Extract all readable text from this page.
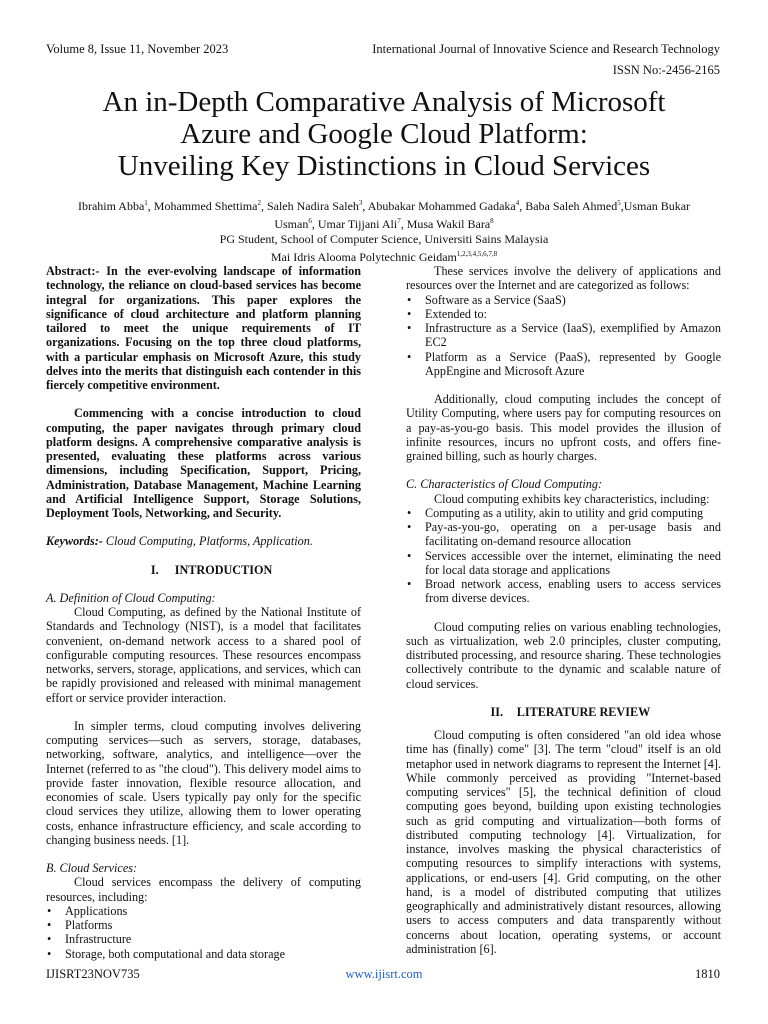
Volume 8, Issue 11, November 2023	International Journal of Innovative Science and Research Technology
ISSN No:-2456-2165
An in-Depth Comparative Analysis of Microsoft
Azure and Google Cloud Platform:
Unveiling Key Distinctions in Cloud Services
Ibrahim Abba$^1$, Mohammed Shettima$^2$, Saleh Nadira Saleh$^3$, Abubakar Mohammed Gadaka$^4$, Baba Saleh Ahmed$^5$,Usman Bukar
Usman$^6$, Umar Tijjani Ali$^7$, Musa Wakil Bara$^8$
PG Student, School of Computer Science, Universiti Sains Malaysia
Mai Idris Alooma Polytechnic Geidam$^{1,2,3,4,5,6,7,8}$

Abstract:- In the ever-evolving landscape of information technology, the reliance on cloud-based services has become integral for organizations. This paper explores the significance of cloud architecture and platform planning tailored to meet the unique requirements of IT organizations. Focusing on the top three cloud platforms, with a particular emphasis on Microsoft Azure, this study delves into the merits that distinguish each contender in this fiercely competitive environment.

Commencing with a concise introduction to cloud computing, the paper navigates through primary cloud platform designs. A comprehensive comparative analysis is presented, evaluating these platforms across various dimensions, including Specification, Support, Pricing, Administration, Database Management, Machine Learning and Artificial Intelligence Support, Storage Solutions, Deployment Tools, Networking, and Security.

Keywords:- Cloud Computing, Platforms, Application.

I. INTRODUCTION

A. Definition of Cloud Computing:

Cloud Computing, as defined by the National Institute of Standards and Technology (NIST), is a model that facilitates convenient, on-demand network access to a shared pool of configurable computing resources. These resources encompass networks, servers, storage, applications, and services, which can be rapidly provisioned and released with minimal management effort or service provider interaction.

In simpler terms, cloud computing involves delivering computing services—such as servers, storage, databases, networking, software, analytics, and intelligence—over the Internet (referred to as "the cloud"). This delivery model aims to provide faster innovation, flexible resource allocation, and economies of scale. Users typically pay only for the specific cloud services they utilize, allowing them to lower operating costs, enhance infrastructure efficiency, and scale according to changing business needs. [1].

B. Cloud Services:

Cloud services encompass the delivery of computing resources, including:

• Applications
• Platforms
• Infrastructure
• Storage, both computational and data storage

These services involve the delivery of applications and resources over the Internet and are categorized as follows:

• Software as a Service (SaaS)
• Extended to:
• Infrastructure as a Service (IaaS), exemplified by Amazon EC2
• Platform as a Service (PaaS), represented by Google AppEngine and Microsoft Azure

Additionally, cloud computing includes the concept of Utility Computing, where users pay for computing resources on a pay-as-you-go basis. This model provides the illusion of infinite resources, incurs no upfront costs, and offers fine-grained billing, such as hourly charges.

C. Characteristics of Cloud Computing:

Cloud computing exhibits key characteristics, including:

• Computing as a utility, akin to utility and grid computing
• Pay-as-you-go, operating on a per-usage basis and facilitating on-demand resource allocation
• Services accessible over the internet, eliminating the need for local data storage and applications
• Broad network access, enabling users to access services from diverse devices.

Cloud computing relies on various enabling technologies, such as virtualization, web 2.0 principles, cluster computing, distributed processing, and resource sharing. These technologies collectively contribute to the dynamic and scalable nature of cloud services.

II. LITERATURE REVIEW

Cloud computing is often considered "an old idea whose time has (finally) come" [3]. The term "cloud" itself is an old metaphor used in network diagrams to represent the Internet [4]. While commonly perceived as providing "Internet-based computing services" [5], the technical definition of cloud computing goes beyond, building upon existing technologies such as grid computing and virtualization—both forms of distributed computing technology [4]. Virtualization, for instance, involves masking the physical characteristics of computing resources to simplify interactions with systems, applications, or end-users [4]. Grid computing, on the other hand, is a model of distributed computing that utilizes geographically and administratively distant resources, allowing users to access computers and data transparently without concerns about location, operating systems, or account administration [6].

IJISRT23NOV735	www.ijisrt.com	1810
